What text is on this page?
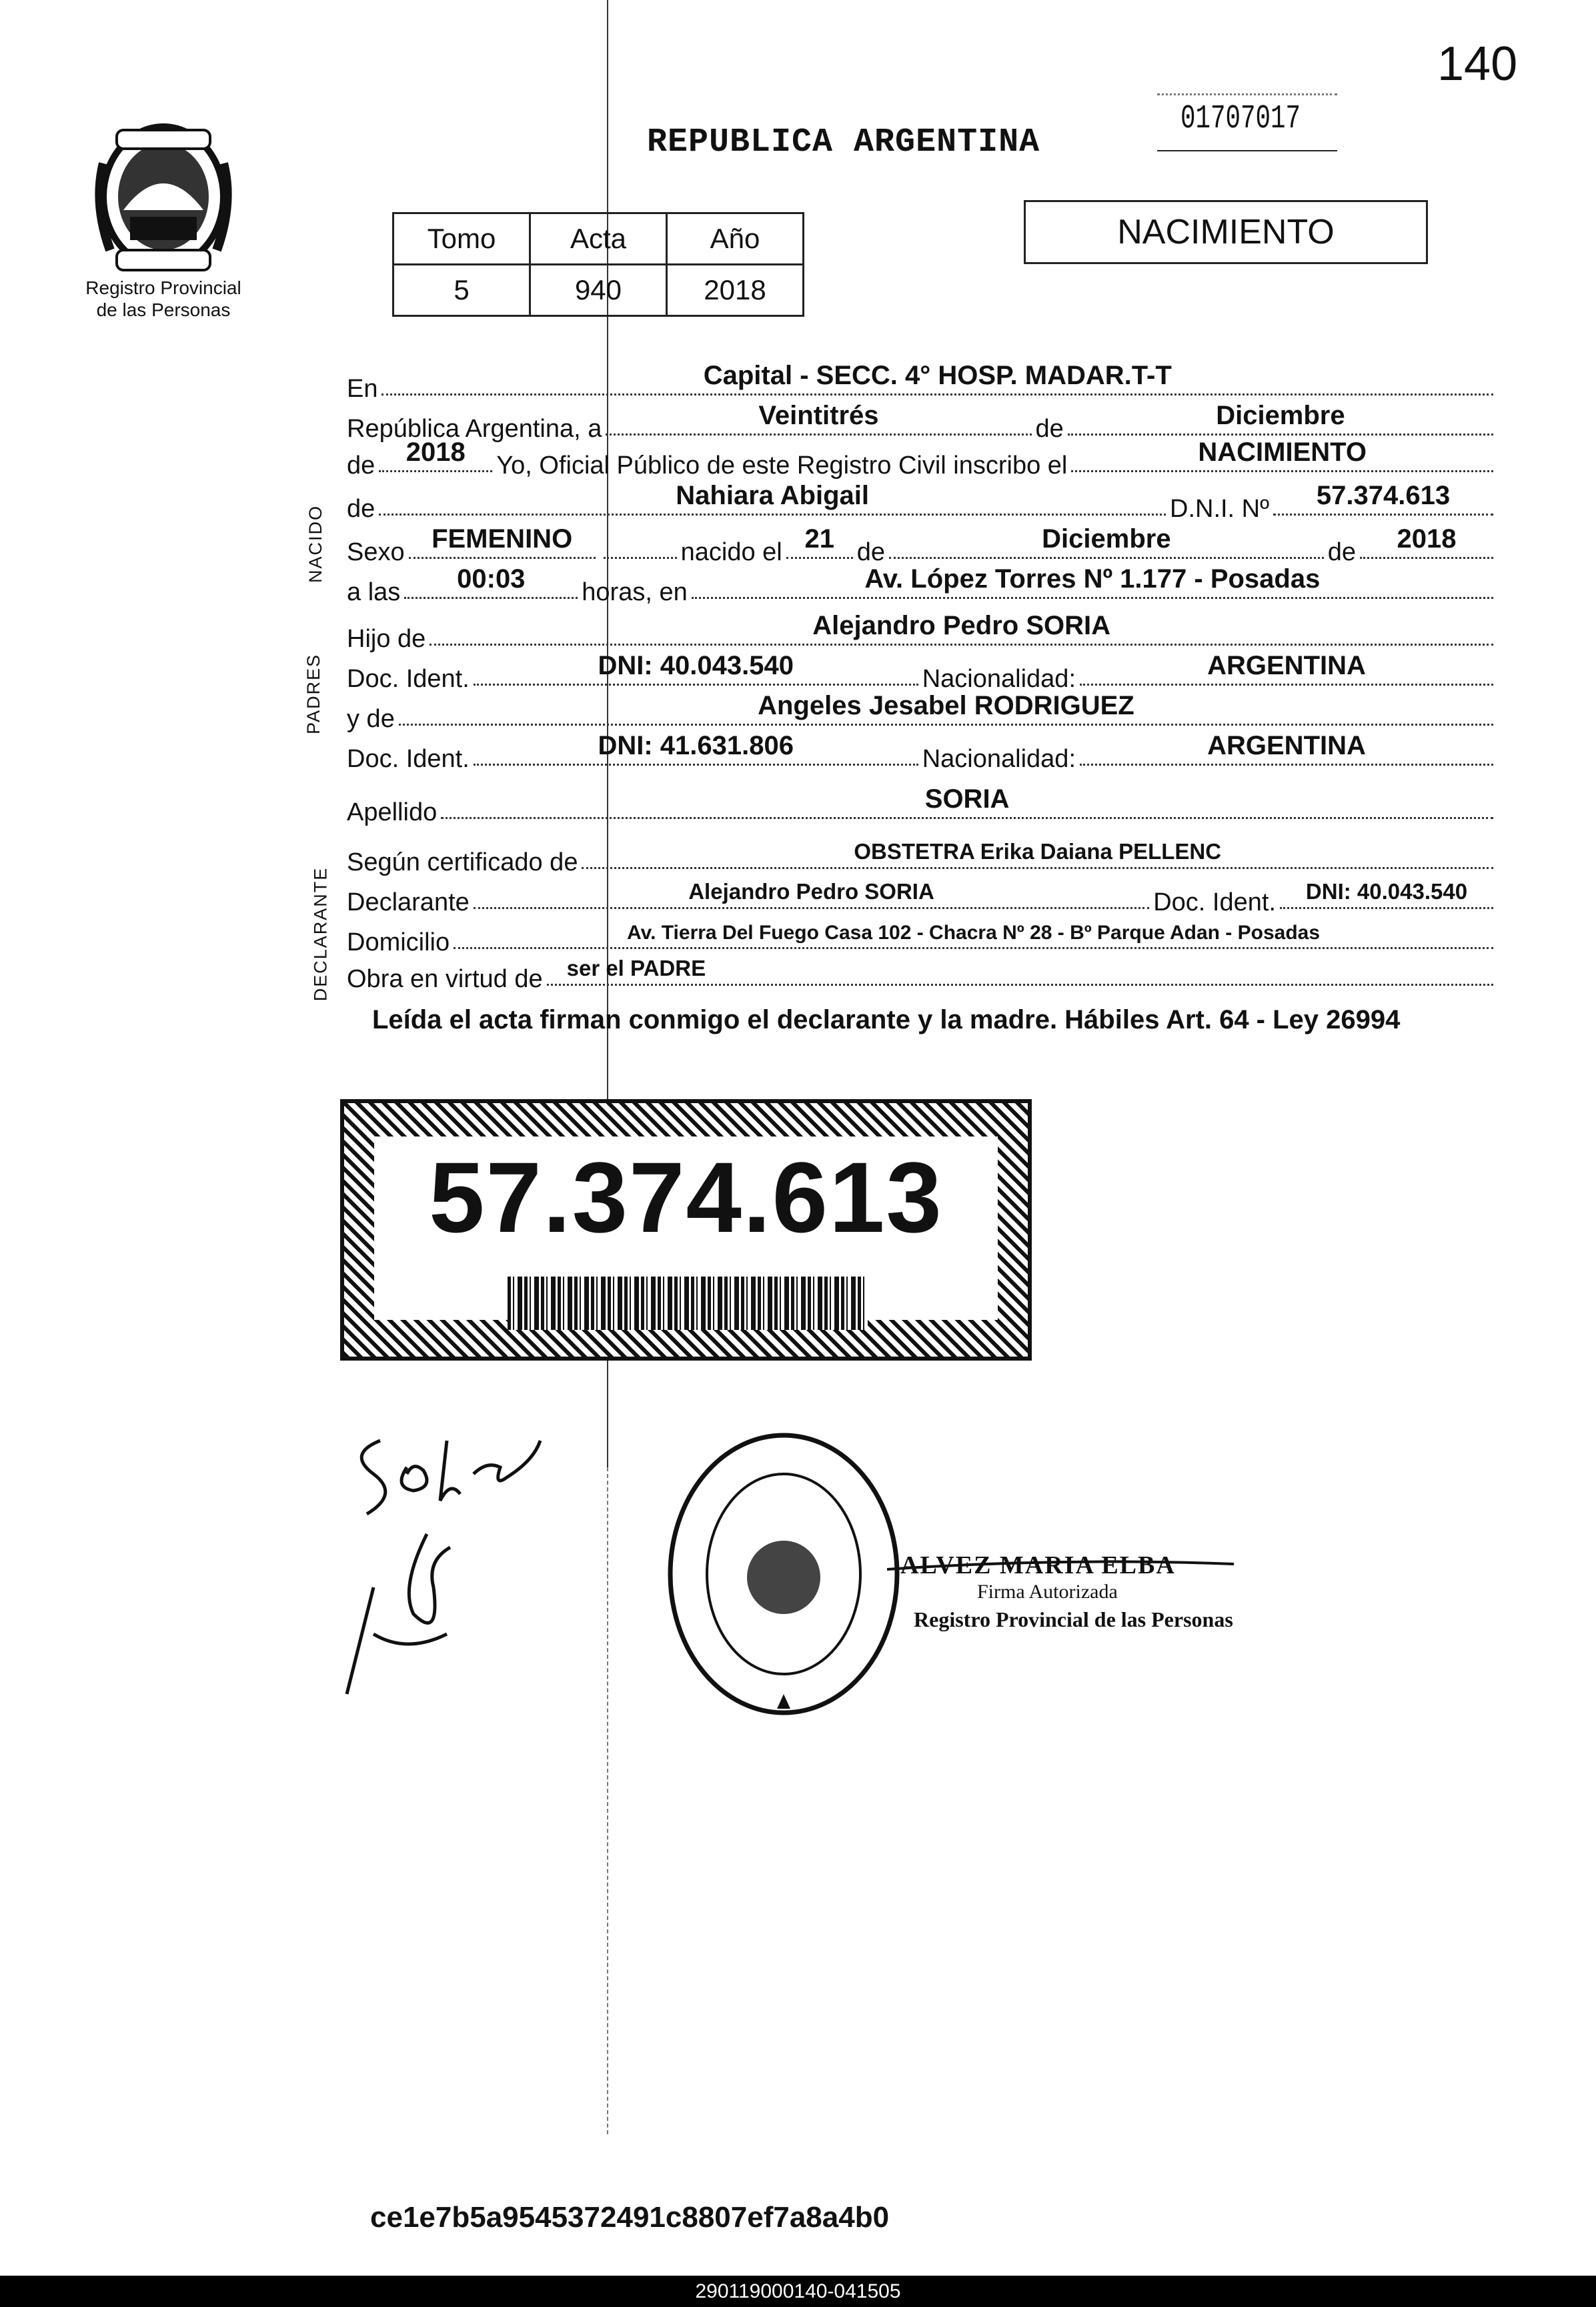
140
01707017
REPUBLICA ARGENTINA
Registro Provincial
de las Personas
Tomo	Acta	Año
5	940	2018
NACIMIENTO
NACIDO
PADRES
DECLARANTE
En	Capital - SECC. 4° HOSP. MADAR.T-T
República Argentina, a	Veintitrés	de	Diciembre
de	2018	Yo, Oficial Público de este Registro Civil inscribo el	NACIMIENTO
de	Nahiara Abigail	D.N.I. Nº	57.374.613
Sexo	FEMENINO	nacido el 21 de	Diciembre	de	2018
a las	00:03	horas, en	Av. López Torres Nº 1.177 - Posadas
Hijo de	Alejandro Pedro SORIA
Doc. Ident.	DNI: 40.043.540	Nacionalidad:	ARGENTINA
y de	Angeles Jesabel RODRIGUEZ
Doc. Ident.	DNI: 41.631.806	Nacionalidad:	ARGENTINA
Apellido	SORIA
Según certificado de	OBSTETRA Erika Daiana PELLENC
Declarante	Alejandro Pedro SORIA	Doc. Ident.	DNI: 40.043.540
Domicilio	Av. Tierra Del Fuego Casa 102 - Chacra Nº 28 - Bº Parque Adan - Posadas
Obra en virtud de	ser el PADRE
Leída el acta firman conmigo el declarante y la madre. Hábiles Art. 64 - Ley 26994
57.374.613
ALVEZ MARIA ELBA
Firma Autorizada
Registro Provincial de las Personas
ce1e7b5a9545372491c8807ef7a8a4b0
290119000140-041505
